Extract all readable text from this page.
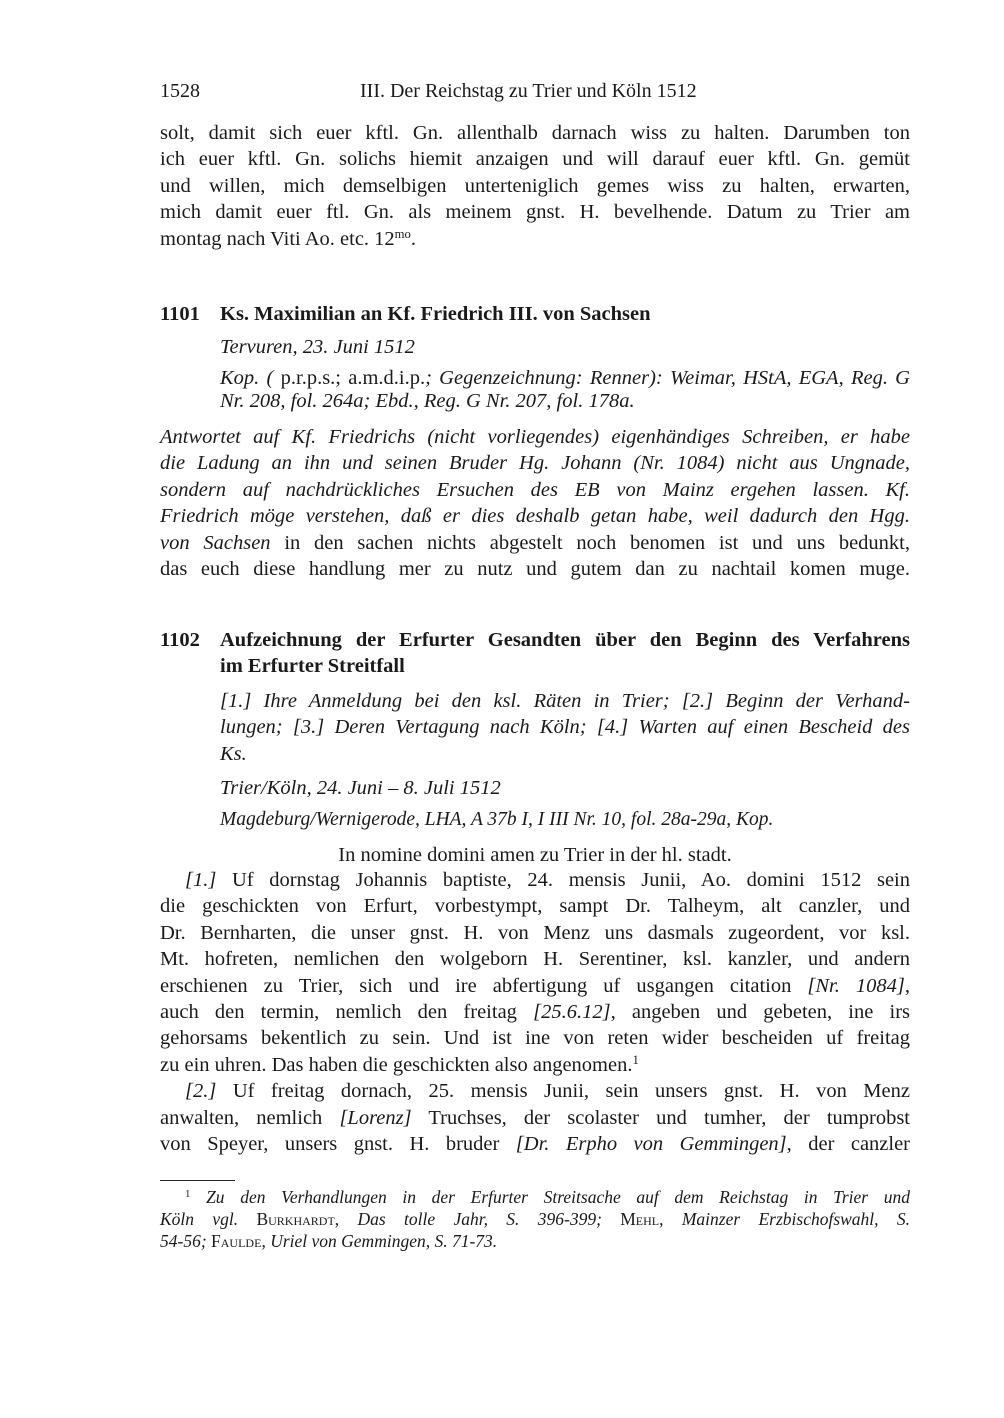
1528	III. Der Reichstag zu Trier und Köln 1512
solt, damit sich euer kftl. Gn. allenthalb darnach wiss zu halten. Darumben ton
ich euer kftl. Gn. solichs hiemit anzaigen und will darauf euer kftl. Gn. gemüt
und willen, mich demselbigen unterteniglich gemes wiss zu halten, erwarten,
mich damit euer ftl. Gn. als meinem gnst. H. bevelhende. Datum zu Trier am
montag nach Viti Ao. etc. $12^{mo}$.
1101 Ks. Maximilian an Kf. Friedrich III. von Sachsen
Tervuren, 23. Juni 1512
Kop. ( p.r.p.s.; a.m.d.i.p.; Gegenzeichnung: Renner): Weimar, HStA, EGA, Reg. G
Nr. 208, fol. 264a; Ebd., Reg. G Nr. 207, fol. 178a.
Antwortet auf Kf. Friedrichs (nicht vorliegendes) eigenhändiges Schreiben, er habe
die Ladung an ihn und seinen Bruder Hg. Johann (Nr. 1084) nicht aus Ungnade,
sondern auf nachdrückliches Ersuchen des EB von Mainz ergehen lassen. Kf.
Friedrich möge verstehen, daß er dies deshalb getan habe, weil dadurch den Hgg.
von Sachsen in den sachen nichts abgestelt noch benomen ist und uns bedunkt,
das euch diese handlung mer zu nutz und gutem dan zu nachtail komen muge.
1102 Aufzeichnung der Erfurter Gesandten über den Beginn des Verfahrens
im Erfurter Streitfall
[1.] Ihre Anmeldung bei den ksl. Räten in Trier; [2.] Beginn der Verhand-
lungen; [3.] Deren Vertagung nach Köln; [4.] Warten auf einen Bescheid des
Ks.
Trier/Köln, 24. Juni – 8. Juli 1512
Magdeburg/Wernigerode, LHA, A 37b I, I III Nr. 10, fol. 28a-29a, Kop.
In nomine domini amen zu Trier in der hl. stadt.
[1.] Uf dornstag Johannis baptiste, 24. mensis Junii, Ao. domini 1512 sein
die geschickten von Erfurt, vorbestympt, sampt Dr. Talheym, alt canzler, und
Dr. Bernharten, die unser gnst. H. von Menz uns dasmals zugeordent, vor ksl.
Mt. hofreten, nemlichen den wolgeborn H. Serentiner, ksl. kanzler, und andern
erschienen zu Trier, sich und ire abfertigung uf usgangen citation [Nr. 1084],
auch den termin, nemlich den freitag [25.6.12], angeben und gebeten, ine irs
gehorsams bekentlich zu sein. Und ist ine von reten wider bescheiden uf freitag
zu ein uhren. Das haben die geschickten also angenomen.$^1$
[2.] Uf freitag dornach, 25. mensis Junii, sein unsers gnst. H. von Menz
anwalten, nemlich [Lorenz] Truchses, der scolaster und tumher, der tumprobst
von Speyer, unsers gnst. H. bruder [Dr. Erpho von Gemmingen], der canzler
$^1$ Zu den Verhandlungen in der Erfurter Streitsache auf dem Reichstag in Trier und
Köln vgl. Burkhardt, Das tolle Jahr, S. 396-399; Mehl, Mainzer Erzbischofswahl, S.
54-56; Faulde, Uriel von Gemmingen, S. 71-73.
